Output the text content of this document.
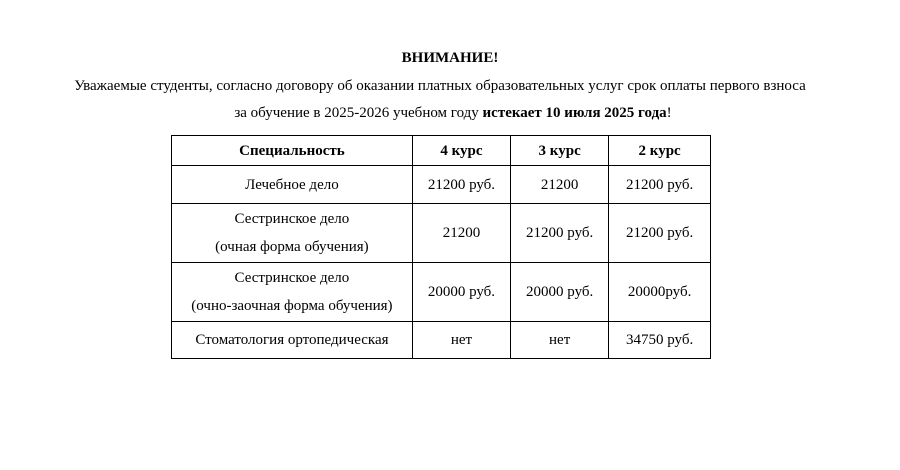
ВНИМАНИЕ!
Уважаемые студенты, согласно договору об оказании платных образовательных услуг срок оплаты первого взноса
за обучение в 2025-2026 учебном году истекает 10 июля 2025 года!
Специальность	4 курс	3 курс	2 курс
Лечебное дело	21200 руб.	21200	21200 руб.

Сестринское дело
(очная форма обучения)	21200	21200 руб.	21200 руб.

Сестринское дело
(очно-заочная форма обучения)	20000 руб.	20000 руб.	20000руб.
Стоматология ортопедическая	нет	нет	34750 руб.
